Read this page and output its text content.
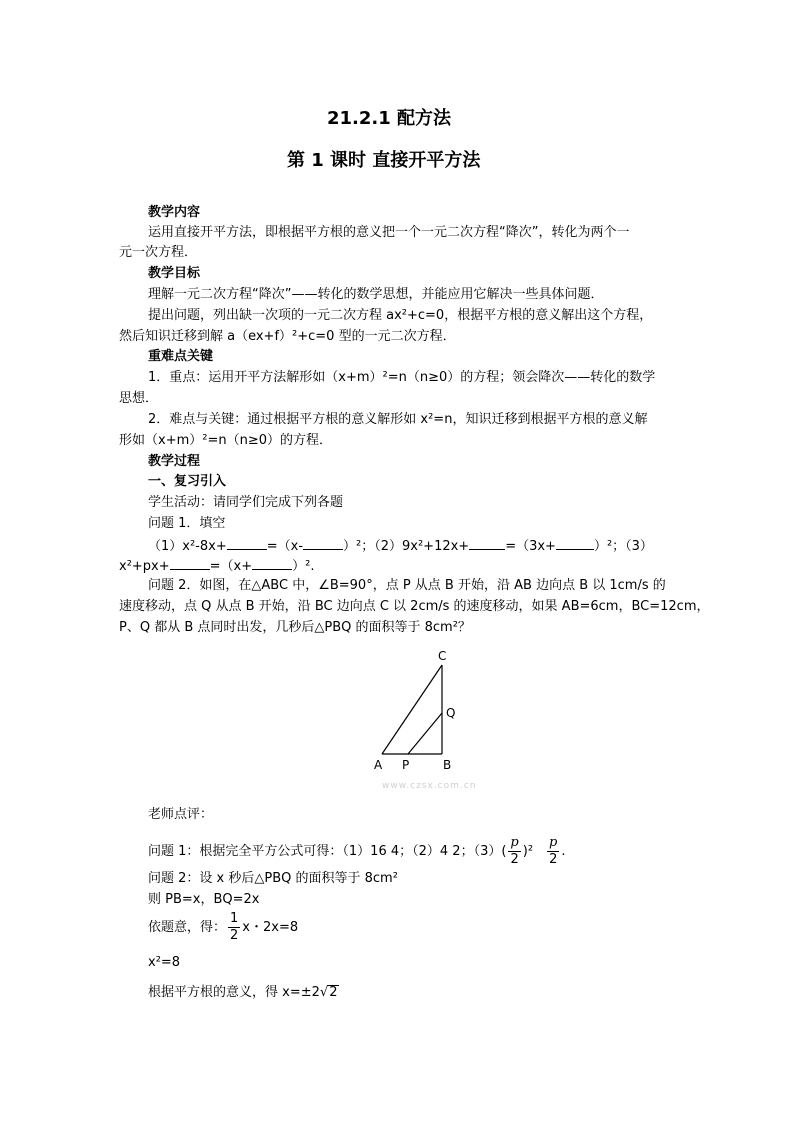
21.2.1 配方法
第 1 课时 直接开平方法
教学内容
运用直接开平方法，即根据平方根的意义把一个一元二次方程“降次”，转化为两个一
元一次方程．
教学目标
理解一元二次方程“降次”——转化的数学思想，并能应用它解决一些具体问题．
提出问题，列出缺一次项的一元二次方程 ax²+c=0，根据平方根的意义解出这个方程，
然后知识迁移到解 a（ex+f）²+c=0 型的一元二次方程．
重难点关键
1．重点：运用开平方法解形如（x+m）²=n（n≥0）的方程；领会降次——转化的数学
思想．
2．难点与关键：通过根据平方根的意义解形如 x²=n，知识迁移到根据平方根的意义解
形如（x+m）²=n（n≥0）的方程．
教学过程
一、复习引入
学生活动：请同学们完成下列各题
问题 1．填空
（1）x²-8x+	=（x-	）²；（2）9x²+12x+	=（3x+	）²；（3）
x²+px+	=（x+	）².
问题 2．如图，在△ABC 中，∠B=90°，点 P 从点 B 开始，沿 AB 边向点 B 以 1cm/s 的
速度移动，点 Q 从点 B 开始，沿 BC 边向点 C 以 2cm/s 的速度移动，如果 AB=6cm，BC=12cm，
P、Q 都从 B 点同时出发，几秒后△PBQ 的面积等于 8cm²？
C
Q
A P	B
www.czsx.com.cn
老师点评：
问题 1：根据完全平方公式可得：（1）16 4；（2）4 2；$(3)( \frac{p}{2} )^2 \frac{p}{2}$ .
问题 2：设 x 秒后△PBQ 的面积等于 8cm²
则 PB=x，BQ=2x
依题意，得： $\frac{1}{2}$ x・2x=8
x²=8
根据平方根的意义，得 x=±2√2
